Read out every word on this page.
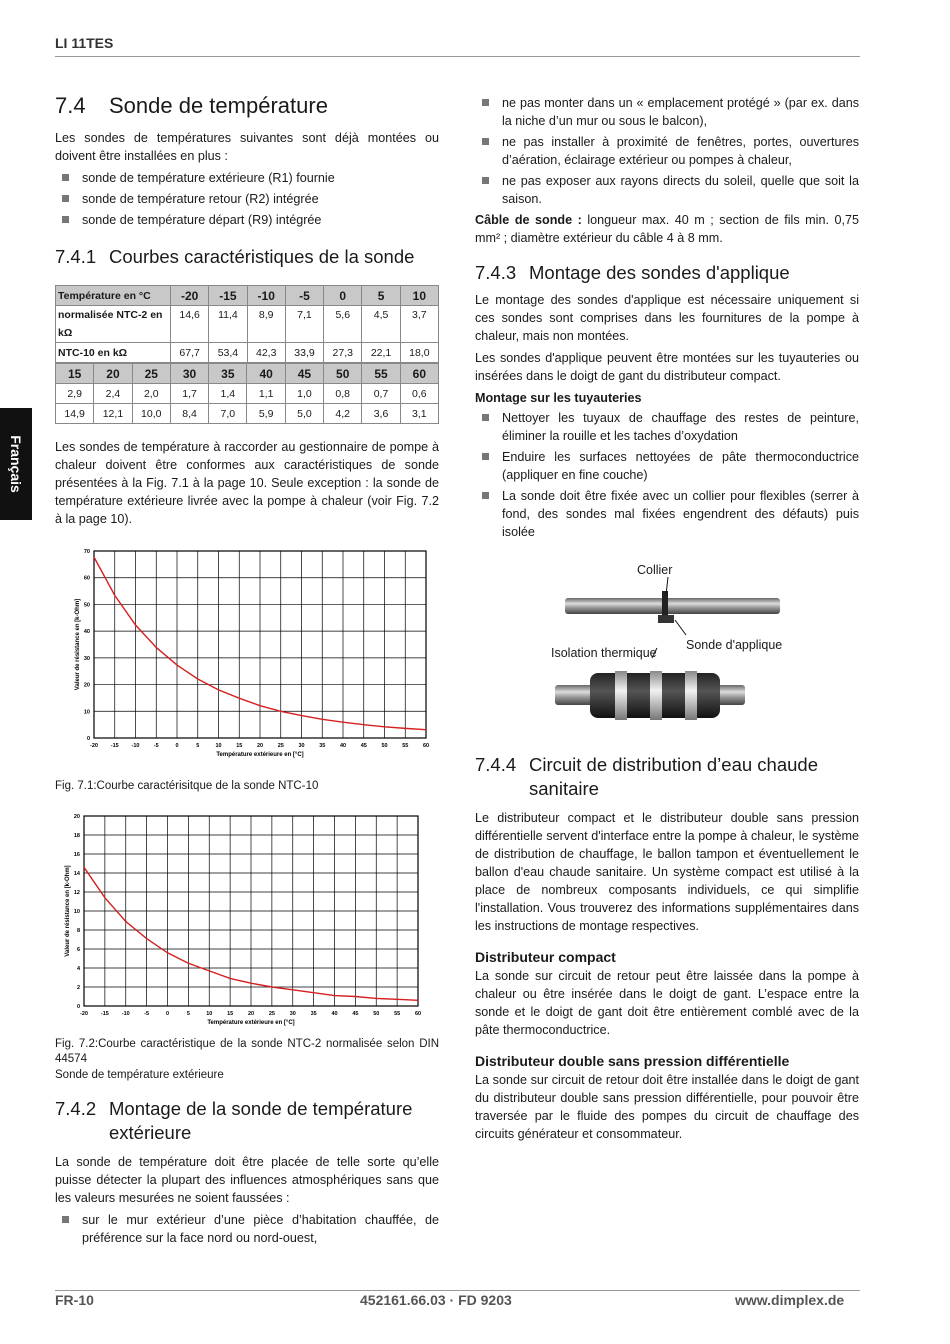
LI 11TES
Français
7.4 Sonde de température

Les sondes de températures suivantes sont déjà montées ou doivent être installées en plus :

sonde de température extérieure (R1) fournie
sonde de température retour (R2) intégrée
sonde de température départ (R9) intégrée
7.4.1 Courbes caractéristiques de la sonde
Température en °C	-20	-15	-10	-5	0	5	10
normalisée NTC-2 en kΩ	14,6	11,4	8,9	7,1	5,6	4,5	3,7
NTC-10 en kΩ	67,7	53,4	42,3	33,9	27,3	22,1	18,0
15	20	25	30	35	40	45	50	55	60
2,9	2,4	2,0	1,7	1,4	1,1	1,0	0,8	0,7	0,6
14,9	12,1	10,0	8,4	7,0	5,9	5,0	4,2	3,6	3,1

Les sondes de température à raccorder au gestionnaire de pompe à chaleur doivent être conformes aux caractéristiques de sonde présentées à la Fig. 7.1 à la page 10. Seule exception : la sonde de température extérieure livrée avec la pompe à chaleur (voir Fig. 7.2 à la page 10).

-20 -15 -10	-5	0	5	10	15	20	25	30	35	40	45	50	55	60
0
10
20
30
40
50
60
70
Température extérieure en [°C]
Valeur de résistance en [k-Ohm]
Fig. 7.1:Courbe caractérisitque de la sonde NTC-10
-20 -15 -10	-5	0	5	10	15	20	25	30	35	40	45	50	55	60
0
2
4
6
8
10
12
14
16
18
20
Température extérieure en [°C]
Valeur de résistance en [k-Ohm]
Fig. 7.2:Courbe caractéristique de la sonde NTC-2 normalisée selon DIN 44574
Sonde de température extérieure
7.4.2 Montage de la sonde de température extérieure

La sonde de température doit être placée de telle sorte qu’elle puisse détecter la plupart des influences atmosphériques sans que les valeurs mesurées ne soient faussées :

sur le mur extérieur d’une pièce d’habitation chauffée, de préférence sur la face nord ou nord-ouest,
ne pas monter dans un « emplacement protégé » (par ex. dans la niche d’un mur ou sous le balcon),
ne pas installer à proximité de fenêtres, portes, ouvertures d’aération, éclairage extérieur ou pompes à chaleur,
ne pas exposer aux rayons directs du soleil, quelle que soit la saison.

Câble de sonde : longueur max. 40 m ; section de fils min. 0,75 mm² ; diamètre extérieur du câble 4 à 8 mm.

7.4.3 Montage des sondes d'applique

Le montage des sondes d'applique est nécessaire uniquement si ces sondes sont comprises dans les fournitures de la pompe à chaleur, mais non montées.

Les sondes d'applique peuvent être montées sur les tuyauteries ou insérées dans le doigt de gant du distributeur compact.

Montage sur les tuyauteries

Nettoyer les tuyaux de chauffage des restes de peinture, éliminer la rouille et les taches d’oxydation
Enduire les surfaces nettoyées de pâte thermoconductrice (appliquer en fine couche)
La sonde doit être fixée avec un collier pour flexibles (serrer à fond, des sondes mal fixées engendrent des défauts) puis isolée
Collier
Sonde d'applique
Isolation thermique
7.4.4 Circuit de distribution d’eau chaude sanitaire

Le distributeur compact et le distributeur double sans pression différentielle servent d'interface entre la pompe à chaleur, le système de distribution de chauffage, le ballon tampon et éventuellement le ballon d'eau chaude sanitaire. Un système compact est utilisé à la place de nombreux composants individuels, ce qui simplifie l'installation. Vous trouverez des informations supplémentaires dans les instructions de montage respectives.

Distributeur compact

La sonde sur circuit de retour peut être laissée dans la pompe à chaleur ou être insérée dans le doigt de gant. L’espace entre la sonde et le doigt de gant doit être entièrement comblé avec de la pâte thermoconductrice.

Distributeur double sans pression différentielle

La sonde sur circuit de retour doit être installée dans le doigt de gant du distributeur double sans pression différentielle, pour pouvoir être traversée par le fluide des pompes du circuit de chauffage des circuits générateur et consommateur.

FR-10	452161.66.03 · FD 9203	www.dimplex.de
